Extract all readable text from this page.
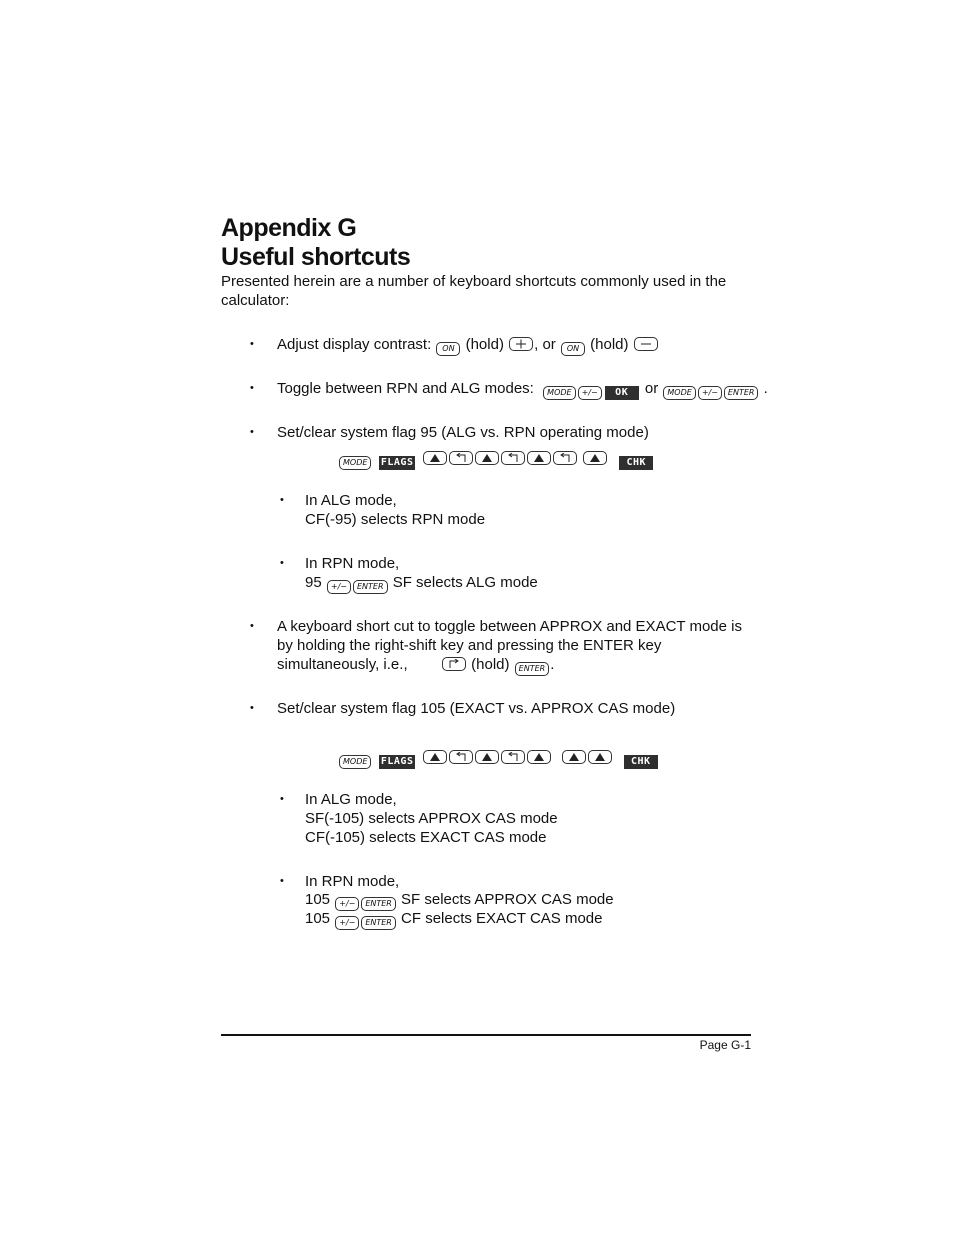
Appendix G
Useful shortcuts

Presented herein are a number of keyboard shortcuts commonly used in the calculator:

• Adjust display contrast: ON (hold) , or ON (hold)
• Toggle between RPN and ALG modes: MODE +/− OK or MODE +/− ENTER .
• Set/clear system flag 95 (ALG vs. RPN operating mode)
MODE FLAGS
	CHK
• In ALG mode,
CF(-95) selects RPN mode
• In RPN mode,
95 +/− ENTER SF selects ALG mode
• A keyboard short cut to toggle between APPROX and EXACT mode is
by holding the right-shift key and pressing the ENTER key
simultaneously, i.e.,	(hold) ENTER .
• Set/clear system flag 105 (EXACT vs. APPROX CAS mode)
MODE FLAGS
	CHK
• In ALG mode,
SF(-105) selects APPROX CAS mode
CF(-105) selects EXACT CAS mode
• In RPN mode,
105 +/− ENTER SF selects APPROX CAS mode
105 +/− ENTER CF selects EXACT CAS mode
Page G-1
